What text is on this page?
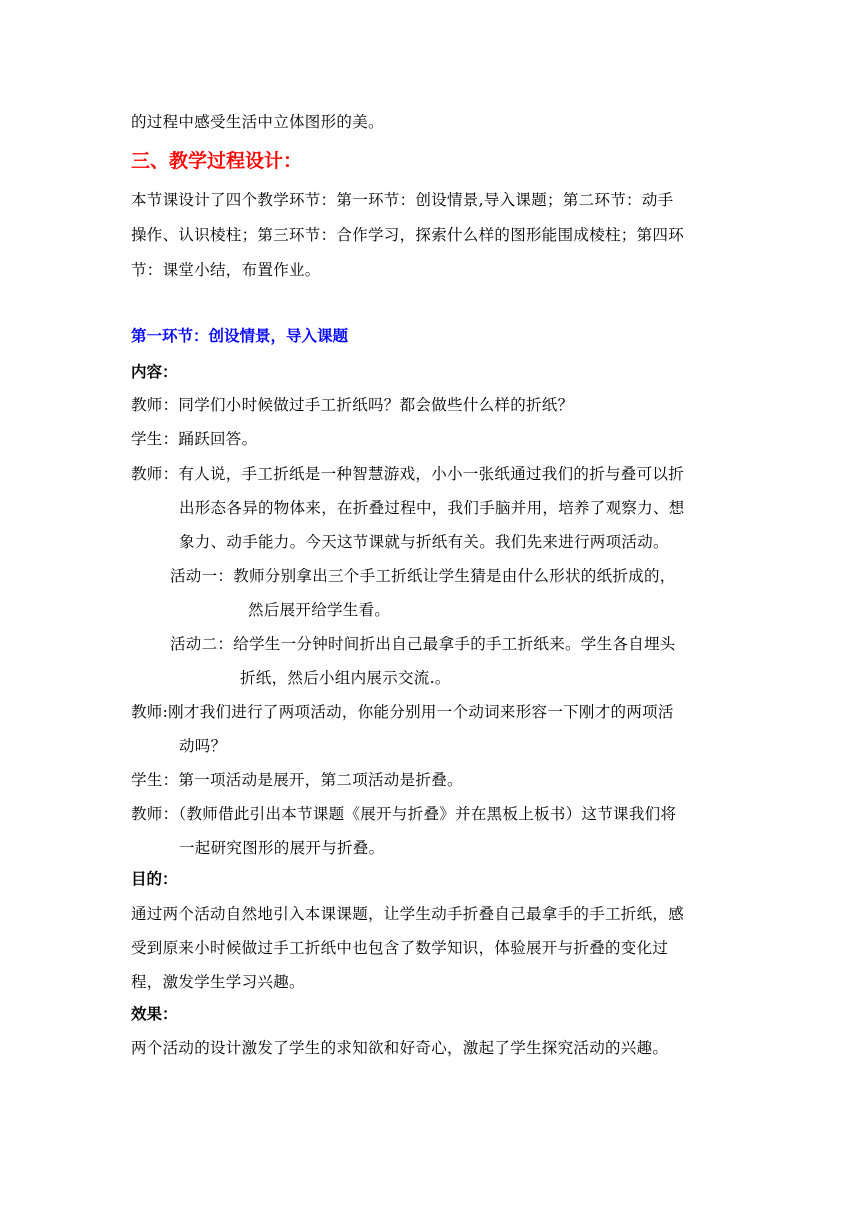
的过程中感受生活中立体图形的美。
三、教学过程设计：
本节课设计了四个教学环节：第一环节：创设情景,导入课题；第二环节：动手
操作、认识棱柱；第三环节：合作学习，探索什么样的图形能围成棱柱；第四环
节：课堂小结，布置作业。
第一环节：创设情景，导入课题
内容：
教师：同学们小时候做过手工折纸吗？都会做些什么样的折纸？
学生：踊跃回答。
教师：有人说，手工折纸是一种智慧游戏，小小一张纸通过我们的折与叠可以折
出形态各异的物体来，在折叠过程中，我们手脑并用，培养了观察力、想
象力、动手能力。今天这节课就与折纸有关。我们先来进行两项活动。
活动一：教师分别拿出三个手工折纸让学生猜是由什么形状的纸折成的，
然后展开给学生看。
活动二：给学生一分钟时间折出自己最拿手的手工折纸来。学生各自埋头
折纸，然后小组内展示交流.。
教师:刚才我们进行了两项活动，你能分别用一个动词来形容一下刚才的两项活
动吗？
学生：第一项活动是展开，第二项活动是折叠。
教师：（教师借此引出本节课题《展开与折叠》并在黑板上板书）这节课我们将
一起研究图形的展开与折叠。
目的：
通过两个活动自然地引入本课课题，让学生动手折叠自己最拿手的手工折纸，感
受到原来小时候做过手工折纸中也包含了数学知识，体验展开与折叠的变化过
程，激发学生学习兴趣。
效果：
两个活动的设计激发了学生的求知欲和好奇心，激起了学生探究活动的兴趣。
